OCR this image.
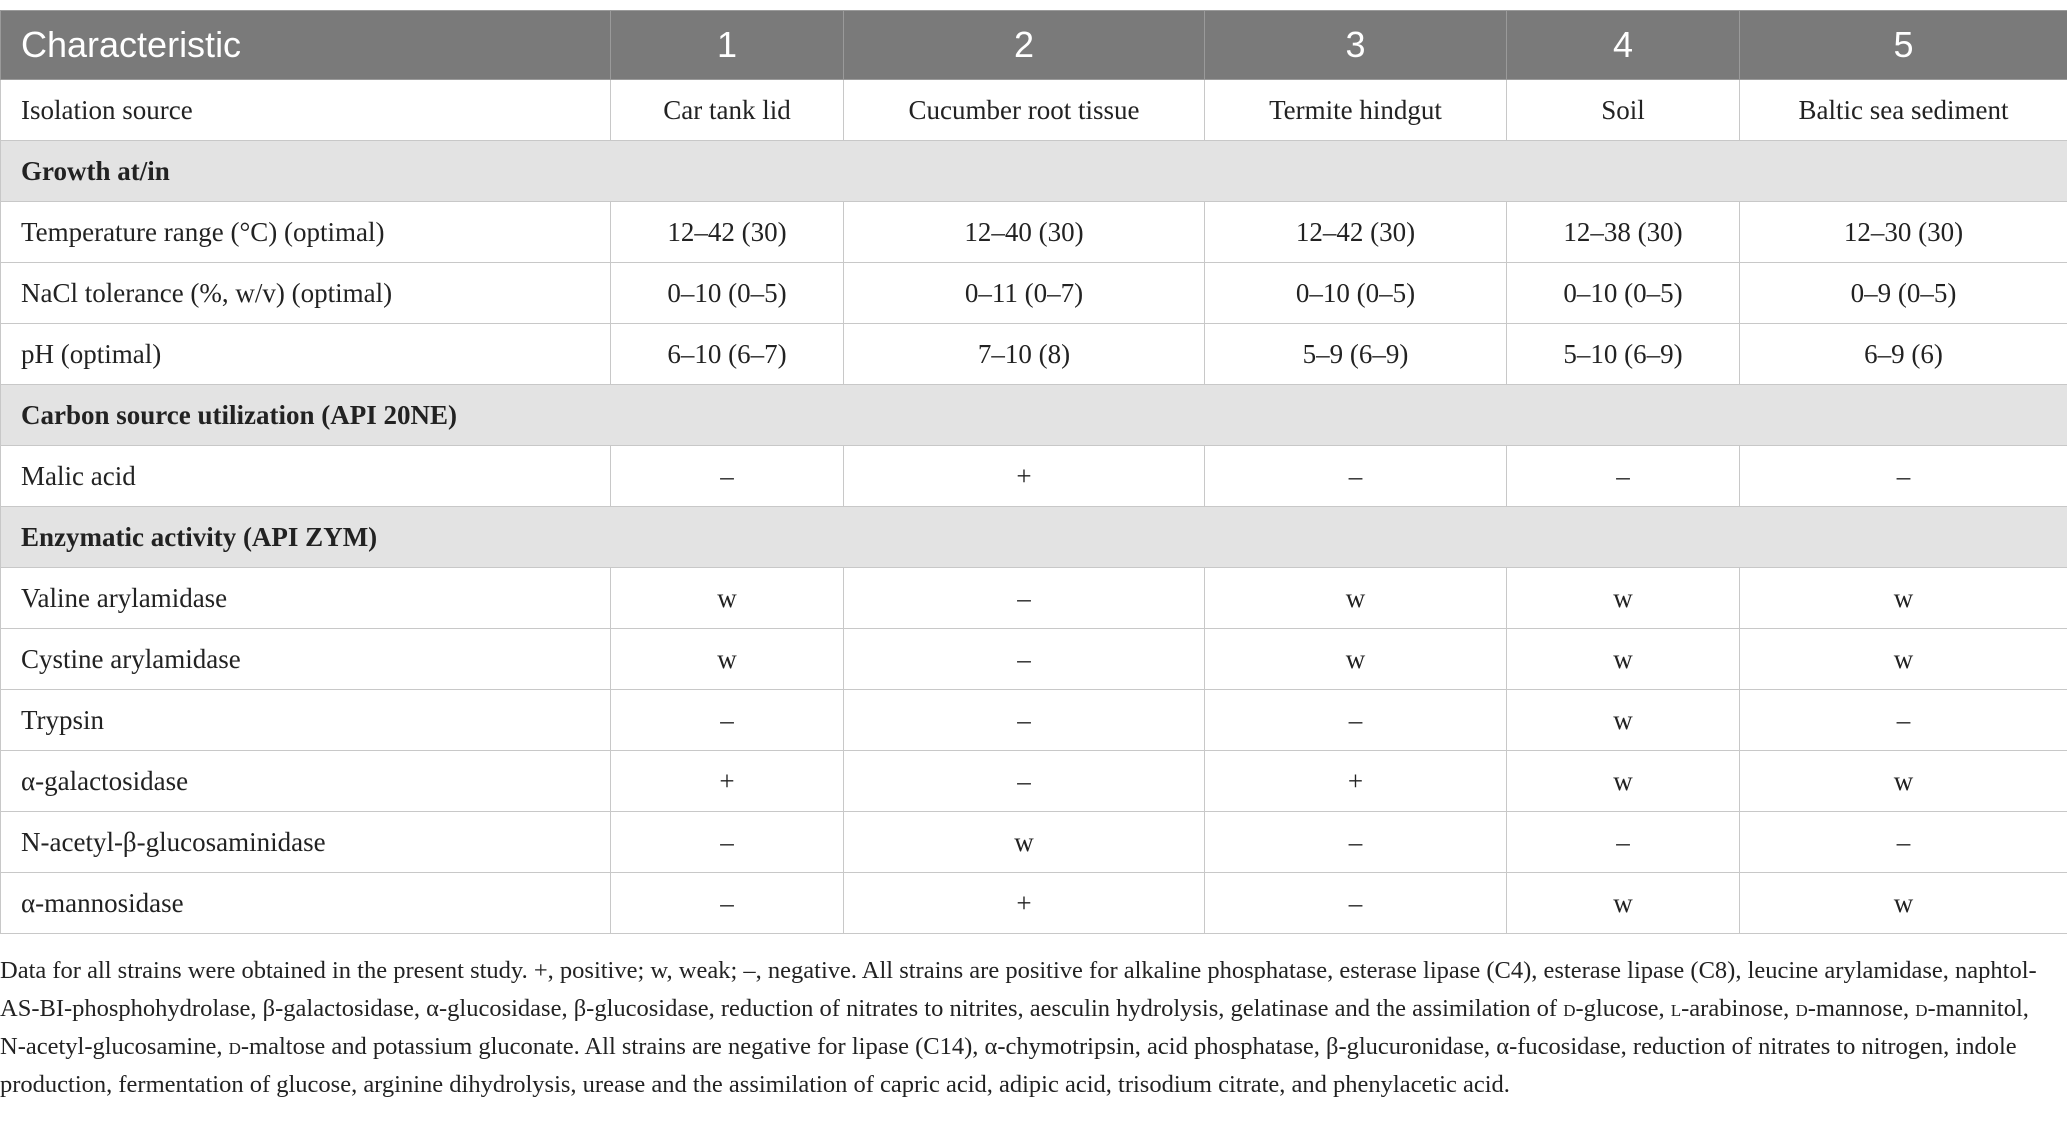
Characteristic	1	2	3	4	5
Isolation source	Car tank lid	Cucumber root tissue	Termite hindgut	Soil	Baltic sea sediment
Growth at/in					
Temperature range (°C) (optimal)	12–42 (30)	12–40 (30)	12–42 (30)	12–38 (30)	12–30 (30)
NaCl tolerance (%, w/v) (optimal)	0–10 (0–5)	0–11 (0–7)	0–10 (0–5)	0–10 (0–5)	0–9 (0–5)
pH (optimal)	6–10 (6–7)	7–10 (8)	5–9 (6–9)	5–10 (6–9)	6–9 (6)
Carbon source utilization (API 20NE)					
Malic acid	–	+	–	–	–
Enzymatic activity (API ZYM)					
Valine arylamidase	w	–	w	w	w
Cystine arylamidase	w	–	w	w	w
Trypsin	–	–	–	w	–
α-galactosidase	+	–	+	w	w
N-acetyl-β-glucosaminidase	–	w	–	–	–
α-mannosidase	–	+	–	w	w
Data for all strains were obtained in the present study. +, positive; w, weak; –, negative. All strains are positive for alkaline phosphatase, esterase lipase (C4), esterase lipase (C8), leucine arylamidase, naphtol-AS-BI-phosphohydrolase, β-galactosidase, α-glucosidase, β-glucosidase, reduction of nitrates to nitrites, aesculin hydrolysis, gelatinase and the assimilation of d-glucose, l-arabinose, d-mannose, d-mannitol, N-acetyl-glucosamine, d-maltose and potassium gluconate. All strains are negative for lipase (C14), α-chymotripsin, acid phosphatase, β-glucuronidase, α-fucosidase, reduction of nitrates to nitrogen, indole production, fermentation of glucose, arginine dihydrolysis, urease and the assimilation of capric acid, adipic acid, trisodium citrate, and phenylacetic acid.
